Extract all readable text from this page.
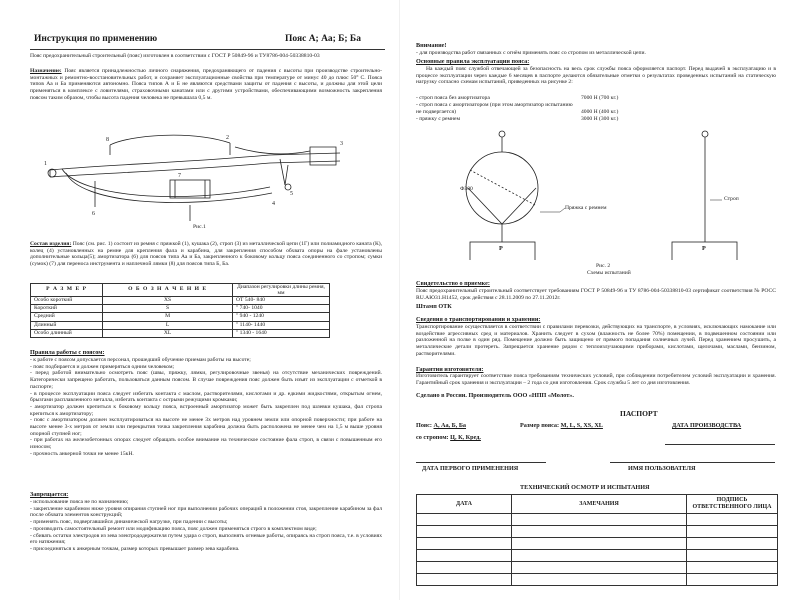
Инструкция по применению	Пояс А; Аа; Б; Ба

Пояс предохранительный строительный (пояс) изготовлен в соответствии с ГОСТ Р 50849-96 и ТУ8786-004-50338810-03

Назначение: Пояс является принадлежностью личного снаряжения, предохраняющего от падения с высоты при производстве строительно-монтажных и ремонтно-восстановительных работ, и сохраняет эксплуатационные свойства при температуре от минус 40 до плюс 50° С. Пояса типов Аа и Ба применяются автономно. Пояса типов А и Б не являются средствами защиты от падения с высоты, и должны для этой цели применяться в комплексе с ловителями, страховочными канатами или с другими устройствами, обеспечивающими возможность закрепления поясом таким образом, чтобы высота падения человека не превышала 0,5 м.

1
8
7
2
3
5
4
6

Рис.1

Состав изделия: Пояс (см. рис. 1) состоит из ремня с пряжкой (1), кушака (2), строп (3) из металлической цепи (1Г) или полиамидного каната (К), колец (4) установленных на ремне для крепления фала и карабина, для закрепления способом обхвата опоры на фале установлены дополнительные кольца(5); амортизатора (6) для поясов типа Аа и Ба, закрепленного к боковому кольцу пояса соединенного со стропом; сумки (сумок) (7) для переноса инструмента и наплечной лямки (8) для поясов типа Б, Ба.

Р А З М Е Р	О Б О З Н А Ч Е Н И Е	Диапазон регулировки длины ремня, мм
Особо короткий	XS	ОТ 540- 840
Короткий	S	" 740- 1040
Средний	M	" 940 - 1240
Длинный	L	" 1140- 1440
Особо длинный	XL	" 1340 - 1640

Правила работы с поясом:

- к работе с поясом допускается персонал, прошедший обучение приемам работы на высоте;

- пояс подбирается и должен примеряться одним человеком;

- перед работой внимательно осмотреть пояс (швы, пряжку, лямки, регулировочные звенья) на отсутствие механических повреждений. Категорически запрещено работать, пользоваться данным поясом. В случае повреждения пояс должен быть изъят из эксплуатации с отметкой в паспорте;

- в процессе эксплуатации пояса следует избегать контакта с маслом, растворителями, кислотами и др. едкими жидкостями, открытым огнем, брызгами расплавленного металла, избегать контакта с острыми режущими кромками;

- амортизатор должен крепиться к боковому кольцу пояса, встроенный амортизатор может быть закреплен под шлевки кушака, фал стропа крепиться к амортизатору;

- пояс с амортизатором должен эксплуатироваться на высоте не менее 3х метров над уровнем земли или опорной поверхности; при работе на высоте менее 3-х метров от земли или перекрытия точка закрепления карабина должна быть расположена не менее чем на 1,5 м выше уровня опорной ступней ног;

- при работах на железобетонных опорах следует обращать особое внимание на техническое состояние фала строп, в связи с повышенным его износом;

- прочность анкерной точки не менее 15кН.

Запрещается:

- использование пояса не по назначению;

- закрепление карабином ниже уровня опирания ступней ног при выполнении рабочих операций в положении стоя, закрепление карабином за фал после обхвата элементов конструкций;

- применять пояс, подвергавшийся динамической нагрузке, при падении с высоты;

- производить самостоятельный ремонт или модификацию пояса, пояс должен применяться строго в комплектном виде;

- сбивать остатки электродов из зева электрододержателя путем удара о строп, выполнять огневые работы, опираясь на строп пояса, т.е. в условиях его натяжения;

- присоединяться к анкерным точкам, размер которых превышает размер зева карабина.

Внимание!

- для производства работ связанных с огнём применять пояс со стропом из металлической цепи.

Основные правила эксплуатации пояса:

На каждый пояс службой отвечающей за безопасность на весь срок службы пояса оформляется паспорт. Перед выдачей в эксплуатацию и в процессе эксплуатации через каждые 6 месяцев в паспорте делаются обязательные отметки о результатах проведенных испытаний на статическую нагрузку согласно схемам испытаний, приведенных на рисунке 2:

- строп пояса без амортизатора	7000 Н (700 кг.)
- строп пояса с амортизатором (при этом амортизатор испытанию
не подвергается)	4000 Н (400 кг.)
- пряжку с ремнем	3000 Н (300 кг.)

Ф300

Пряжка с ремнем

Строп

P	P

Рис. 2

Схемы испытаний

Свидетельство о приемке:

Пояс предохранительный строительный соответствует требованиям ГОСТ Р 50849-96 и ТУ 8786-004-50338810-03 сертификат соответствия № РОСС RU.АЮ31.Н1452, срок действия с 28.11.2009 по 27.11.2012г.

Штамп ОТК

Сведения о транспортировании и хранении:

Транспортирование осуществляется в соответствии с правилами перевозки, действующих на транспорте, в условиях, исключающих намокание или воздействие агрессивных сред и материалов. Хранить следует в сухом (влажность не более 70%) помещении, в подвешенном состоянии или разложенной на полке в один ряд. Помещение должно быть защищено от прямого попадания солнечных лучей. Перед хранением просушить, а металлические детали протереть. Запрещается хранение рядом с теплоизлучающими приборами, кислотами, щелочами, маслами, бензином, растворителями.

Гарантии изготовителя:

Изготовитель гарантирует соответствие пояса требованиям технических условий, при соблюдении потребителем условий эксплуатации и хранения. Гарантийный срок хранения и эксплуатации – 2 года со дня изготовления. Срок службы 5 лет со дня изготовления.

Сделано в России. Производитель ООО «НПП «Молот».

ПАСПОРТ

Пояс: А, Аа, Б, Ба	Размер пояса: M, L, S, XS, XL	ДАТА ПРОИЗВОДСТВА

со стропом: Ц, К, Кред.

ДАТА ПЕРВОГО ПРИМЕНЕНИЯ	ИМЯ ПОЛЬЗОВАТЕЛЯ

ТЕХНИЧЕСКИЙ ОСМОТР И ИСПЫТАНИЯ

ДАТА	ЗАМЕЧАНИЯ	ПОДПИСЬ ОТВЕТСТВЕННОГО ЛИЦА
